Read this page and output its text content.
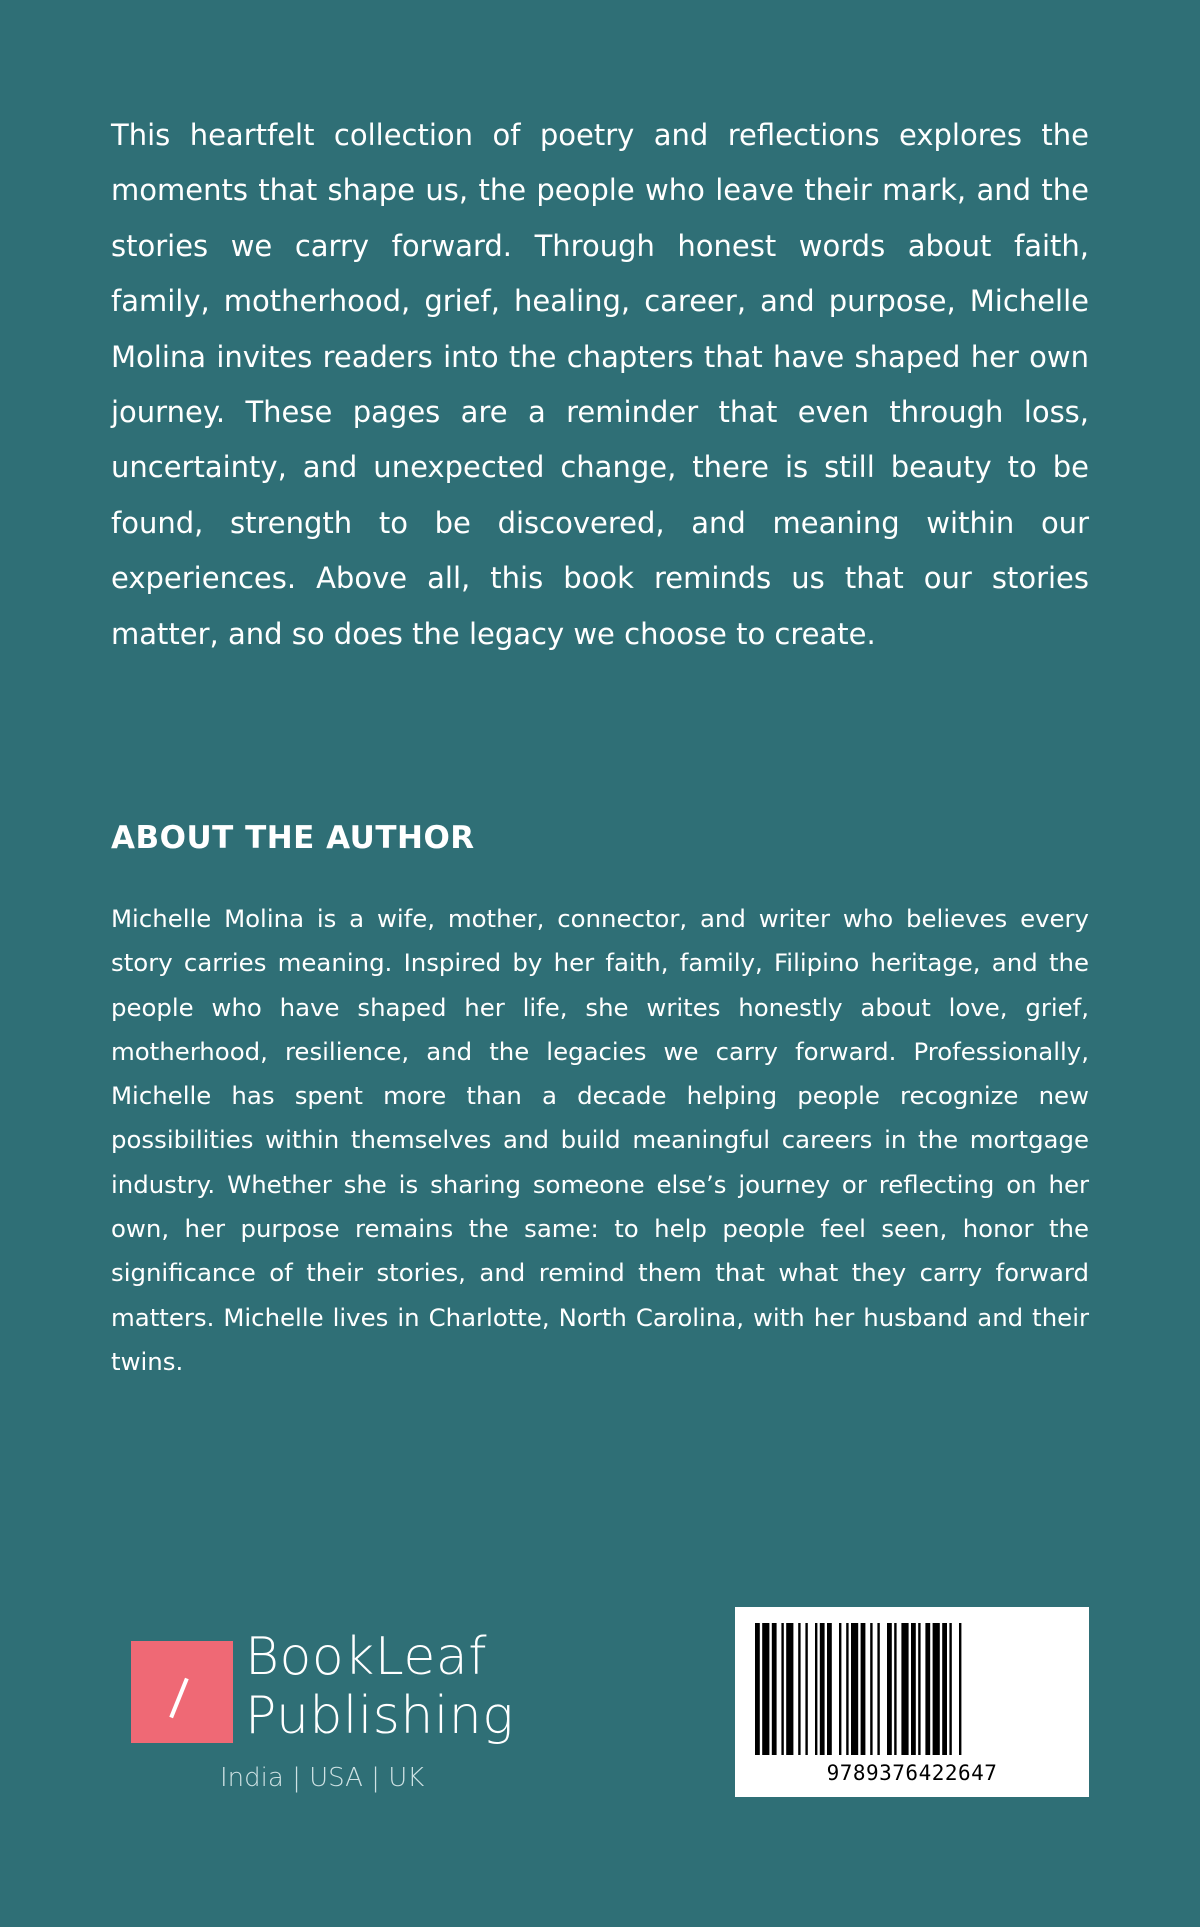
This heartfelt collection of poetry and reflections explores the moments that shape us, the people who leave their mark, and the stories we carry forward. Through honest words about faith, family, motherhood, grief, healing, career, and purpose, Michelle Molina invites readers into the chapters that have shaped her own journey. These pages are a reminder that even through loss, uncertainty, and unexpected change, there is still beauty to be found, strength to be discovered, and meaning within our experiences. Above all, this book reminds us that our stories matter, and so does the legacy we choose to create.

ABOUT THE AUTHOR

Michelle Molina is a wife, mother, connector, and writer who believes every story carries meaning. Inspired by her faith, family, Filipino heritage, and the people who have shaped her life, she writes honestly about love, grief, motherhood, resilience, and the legacies we carry forward. Professionally, Michelle has spent more than a decade helping people recognize new possibilities within themselves and build meaningful careers in the mortgage industry. Whether she is sharing someone else’s journey or reflecting on her own, her purpose remains the same: to help people feel seen, honor the significance of their stories, and remind them that what they carry forward matters. Michelle lives in Charlotte, North Carolina, with her husband and their twins.

BookLeaf
Publishing
India | USA | UK	9789376422647
